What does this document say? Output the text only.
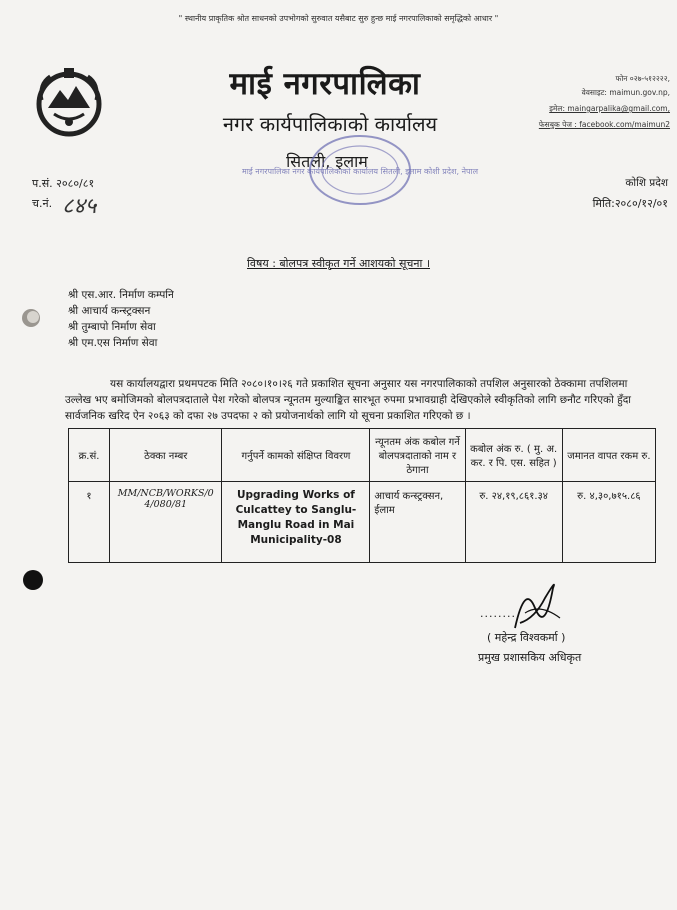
" स्थानीय प्राकृतिक श्रोत साधनको उपभोगको सुरुवात यसैबाट सुरु हुन्छ माई नगरपालिकाको समृद्धिको आधार "
माई नगरपालिका
नगर कार्यपालिकाको कार्यालय
सितली, इलाम
फोन ०२७-५१२२२२,
वेवसाइट: maimun.gov.np,
इमेल: maingarpalika@gmail.com,
फेसबुक पेज : facebook.com/maimun2
माई नगरपालिका नगर कार्यपालिकाको कार्यालय सितली, इलाम कोशी प्रदेश, नेपाल
प.सं. २०८०/८१
च.नं. ८४५
कोशि प्रदेश
मिति:२०८०/१२/०१
विषय : बोलपत्र स्वीकृत गर्ने आशयको सूचना ।
श्री एस.आर. निर्माण कम्पनि
श्री आचार्य कन्स्ट्रक्सन
श्री तुम्बापो निर्माण सेवा
श्री एम.एस निर्माण सेवा
यस कार्यालयद्वारा प्रथमपटक मिति २०८०।१०।२६ गते प्रकाशित सूचना अनुसार यस नगरपालिकाको तपशिल अनुसारको ठेक्कामा तपशिलमा उल्लेख भए बमोजिमको बोलपत्रदाताले पेश गरेको बोलपत्र न्यूनतम मुल्याङ्कित सारभूत रुपमा प्रभावग्राही देखिएकोले स्वीकृतिको लागि छनौट गरिएको हुँदा सार्वजनिक खरिद ऐन २०६३ को दफा २७ उपदफा २ को प्रयोजनार्थको लागि यो सूचना प्रकाशित गरिएको छ ।
क्र.सं.	ठेक्का नम्बर	गर्नुपर्ने कामको संक्षिप्त विवरण	न्यूनतम अंक कबोल गर्ने बोलपत्रदाताको नाम र ठेगाना	कबोल अंक रु. ( मु. अ. कर. र पि. एस. सहित )	जमानत वापत रकम रु.
१	MM/NCB/WORKS/04/080/81	Upgrading Works of Culcattey to Sanglu-Manglu Road in Mai Municipality-08	आचार्य कन्स्ट्रक्सन, ईलाम	रु. २४,१९,८६१.३४	रु. ४,३०,७१५.८६
........
( महेन्द्र विश्वकर्मा )
प्रमुख प्रशासकिय अधिकृत
